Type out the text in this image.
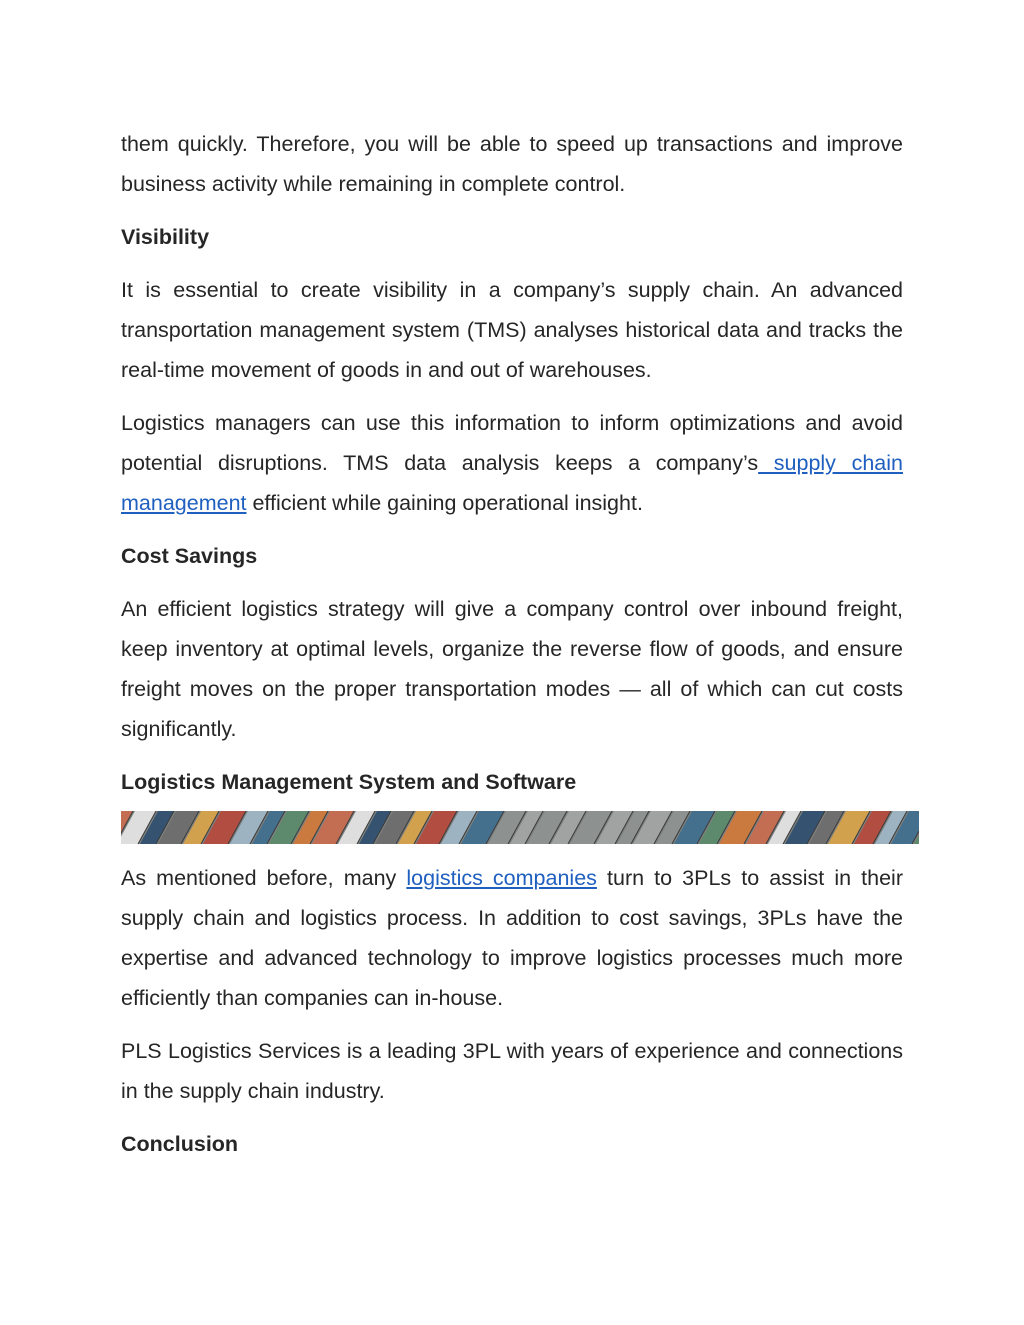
them quickly. Therefore, you will be able to speed up transactions and improve business activity while remaining in complete control.

Visibility

It is essential to create visibility in a company’s supply chain. An advanced transportation management system (TMS) analyses historical data and tracks the real-time movement of goods in and out of warehouses.

Logistics managers can use this information to inform optimizations and avoid potential disruptions. TMS data analysis keeps a company’s supply chain management efficient while gaining operational insight.

Cost Savings

An efficient logistics strategy will give a company control over inbound freight, keep inventory at optimal levels, organize the reverse flow of goods, and ensure freight moves on the proper transportation modes — all of which can cut costs significantly.

Logistics Management System and Software

As mentioned before, many logistics companies turn to 3PLs to assist in their supply chain and logistics process. In addition to cost savings, 3PLs have the expertise and advanced technology to improve logistics processes much more efficiently than companies can in-house.

PLS Logistics Services is a leading 3PL with years of experience and connections in the supply chain industry.

Conclusion
